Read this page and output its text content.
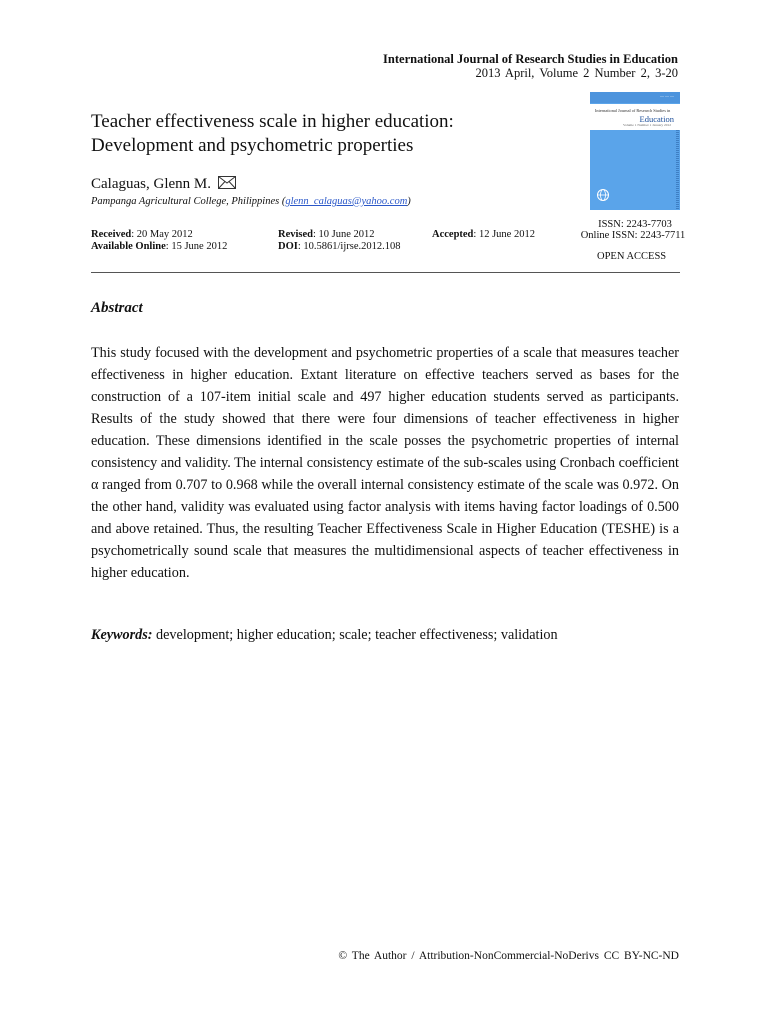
International Journal of Research Studies in Education
2013 April, Volume 2 Number 2, 3-20
Teacher effectiveness scale in higher education:
Development and psychometric properties
Calaguas, Glenn M.
Pampanga Agricultural College, Philippines (glenn_calaguas@yahoo.com)
Received: 20 May 2012
Available Online: 15 June 2012
Revised: 10 June 2012
DOI: 10.5861/ijrse.2012.108
Accepted: 12 June 2012
— — —
International Journal of Research Studies in
Education
Volume 1 Number 1 January 2012
ISSN: 2243-7703
Online ISSN: 2243-7711
OPEN ACCESS
Abstract
This study focused with the development and psychometric properties of a scale that measures teacher effectiveness in higher education. Extant literature on effective teachers served as bases for the construction of a 107-item initial scale and 497 higher education students served as participants. Results of the study showed that there were four dimensions of teacher effectiveness in higher education. These dimensions identified in the scale posses the psychometric properties of internal consistency and validity. The internal consistency estimate of the sub-scales using Cronbach coefficient α ranged from 0.707 to 0.968 while the overall internal consistency estimate of the scale was 0.972. On the other hand, validity was evaluated using factor analysis with items having factor loadings of 0.500 and above retained. Thus, the resulting Teacher Effectiveness Scale in Higher Education (TESHE) is a psychometrically sound scale that measures the multidimensional aspects of teacher effectiveness in higher education.
Keywords: development; higher education; scale; teacher effectiveness; validation
© The Author / Attribution-NonCommercial-NoDerivs CC BY-NC-ND
